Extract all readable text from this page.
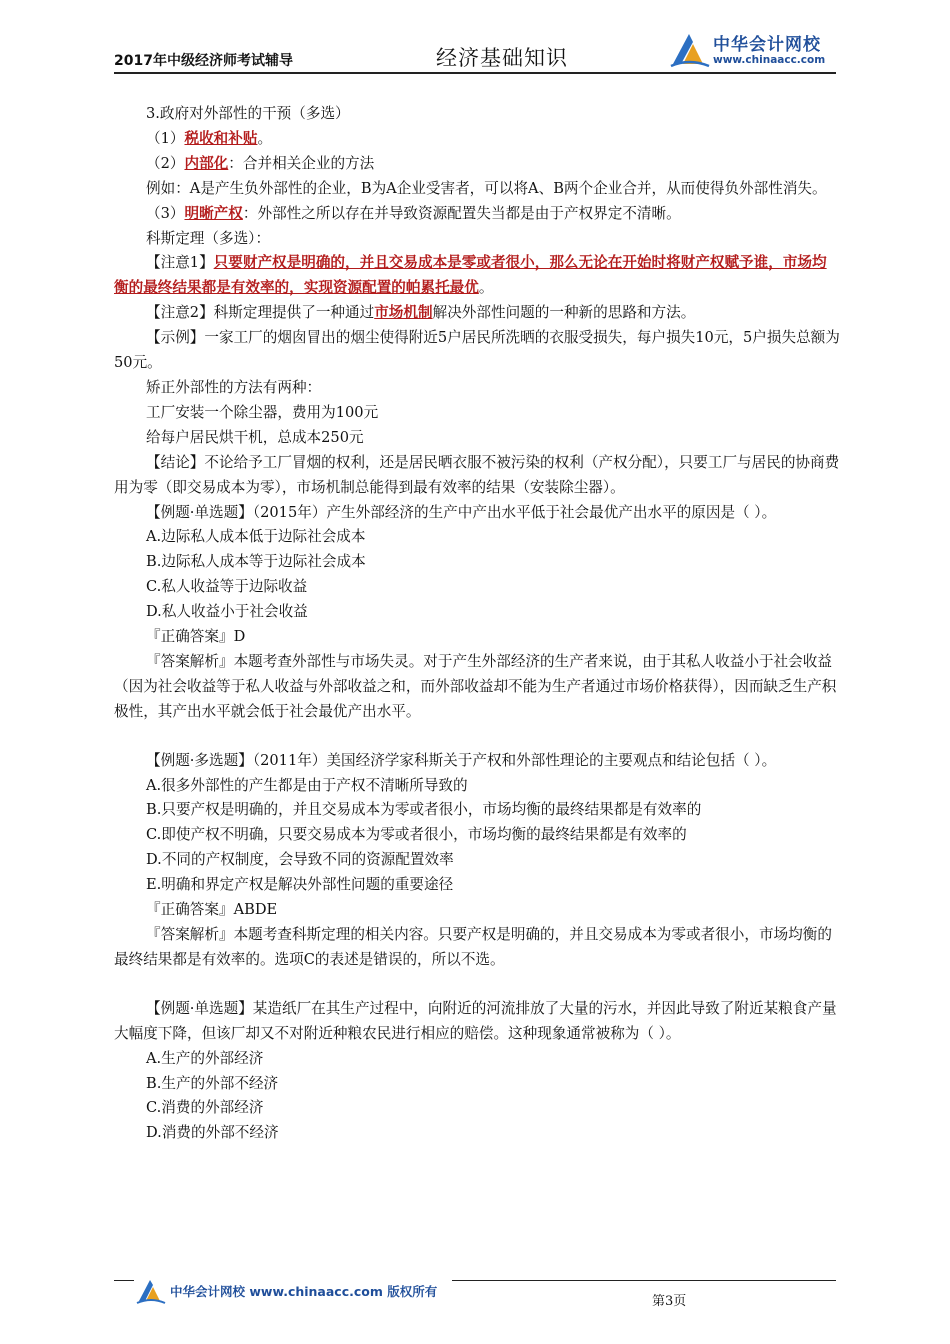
2017年中级经济师考试辅导	经济基础知识
中华会计网校
www.chinaacc.com

3.政府对外部性的干预（多选）

（1）税收和补贴。

（2）内部化：合并相关企业的方法

例如：A是产生负外部性的企业，B为A企业受害者，可以将A、B两个企业合并，从而使得负外部性消失。

（3）明晰产权：外部性之所以存在并导致资源配置失当都是由于产权界定不清晰。

科斯定理（多选）：

【注意1】只要财产权是明确的，并且交易成本是零或者很小，那么无论在开始时将财产权赋予谁，市场均衡的最终结果都是有效率的，实现资源配置的帕累托最优。

【注意2】科斯定理提供了一种通过市场机制解决外部性问题的一种新的思路和方法。

【示例】一家工厂的烟囱冒出的烟尘使得附近5户居民所洗晒的衣服受损失，每户损失10元，5户损失总额为50元。

矫正外部性的方法有两种：

工厂安装一个除尘器，费用为100元

给每户居民烘干机，总成本250元

【结论】不论给予工厂冒烟的权利，还是居民晒衣服不被污染的权利（产权分配），只要工厂与居民的协商费用为零（即交易成本为零），市场机制总能得到最有效率的结果（安装除尘器）。

【例题·单选题】（2015年）产生外部经济的生产中产出水平低于社会最优产出水平的原因是（ ）。

A.边际私人成本低于边际社会成本

B.边际私人成本等于边际社会成本

C.私人收益等于边际收益

D.私人收益小于社会收益

『正确答案』D

『答案解析』本题考查外部性与市场失灵。对于产生外部经济的生产者来说，由于其私人收益小于社会收益（因为社会收益等于私人收益与外部收益之和，而外部收益却不能为生产者通过市场价格获得），因而缺乏生产积极性，其产出水平就会低于社会最优产出水平。

【例题·多选题】（2011年）美国经济学家科斯关于产权和外部性理论的主要观点和结论包括（ ）。

A.很多外部性的产生都是由于产权不清晰所导致的

B.只要产权是明确的，并且交易成本为零或者很小，市场均衡的最终结果都是有效率的

C.即使产权不明确，只要交易成本为零或者很小，市场均衡的最终结果都是有效率的

D.不同的产权制度，会导致不同的资源配置效率

E.明确和界定产权是解决外部性问题的重要途径

『正确答案』ABDE

『答案解析』本题考查科斯定理的相关内容。只要产权是明确的，并且交易成本为零或者很小，市场均衡的最终结果都是有效率的。选项C的表述是错误的，所以不选。

【例题·单选题】某造纸厂在其生产过程中，向附近的河流排放了大量的污水，并因此导致了附近某粮食产量大幅度下降，但该厂却又不对附近种粮农民进行相应的赔偿。这种现象通常被称为（ ）。

A.生产的外部经济

B.生产的外部不经济

C.消费的外部经济

D.消费的外部不经济

中华会计网校 www.chinaacc.com 版权所有
第3页
